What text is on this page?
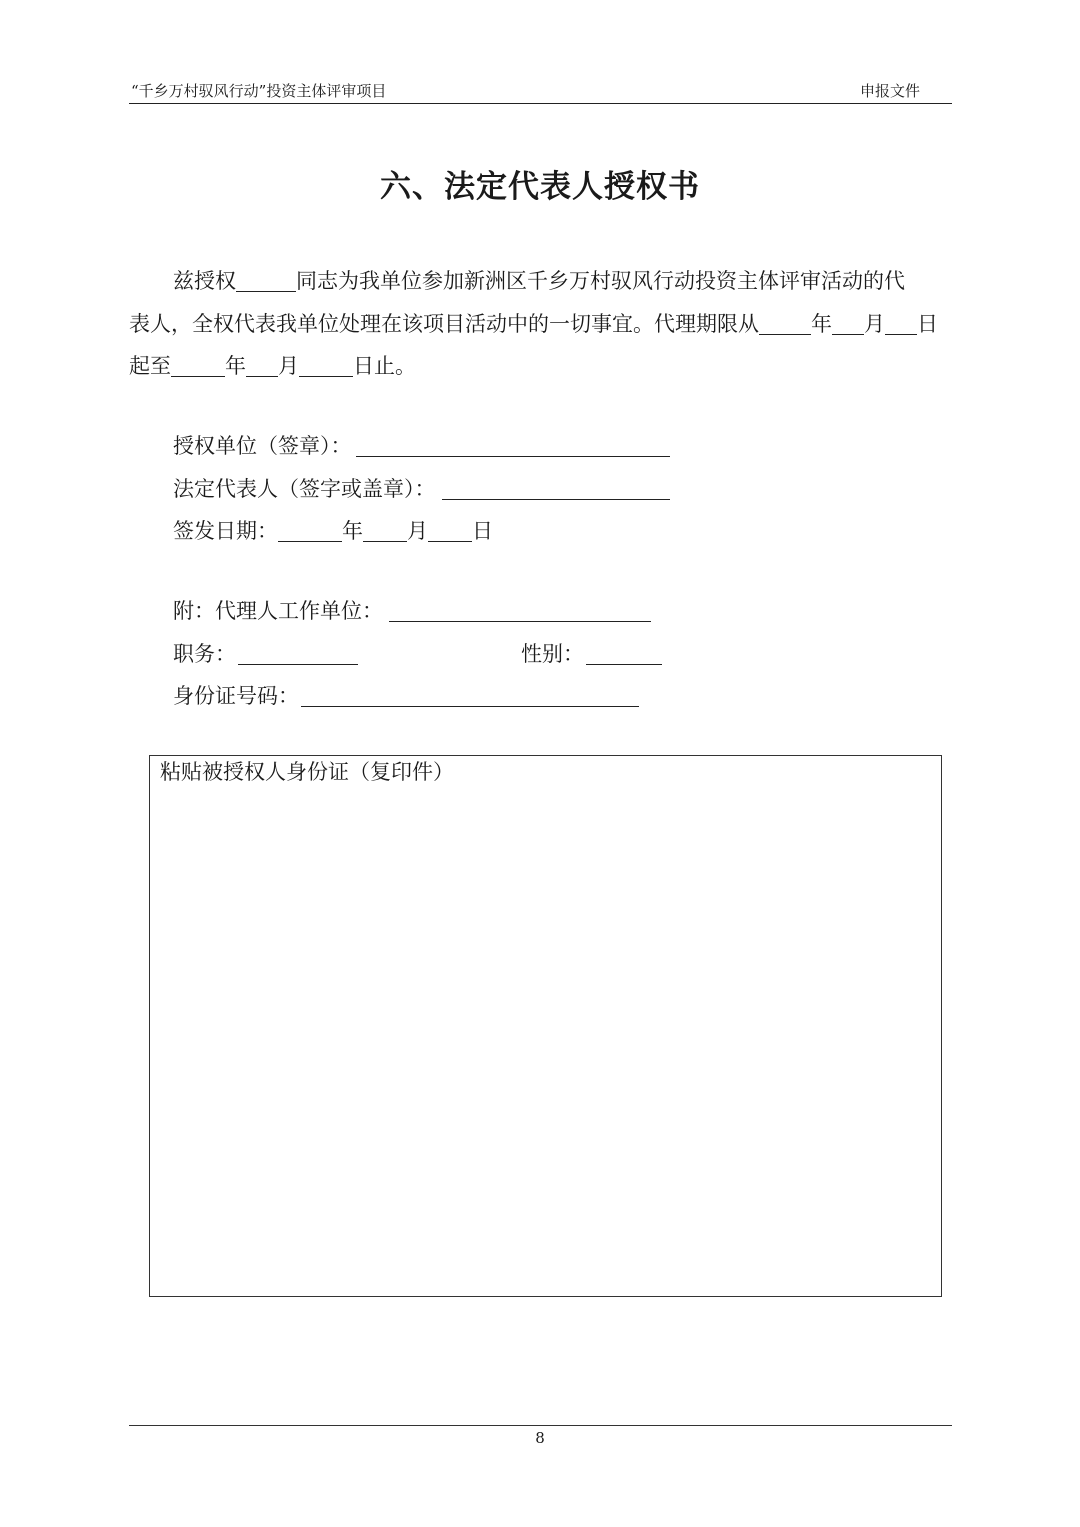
“千乡万村驭风行动”投资主体评审项目	申报文件
六、法定代表人授权书
兹授权	同志为我单位参加新洲区千乡万村驭风行动投资主体评审活动的代
表人，全权代表我单位处理在该项目活动中的一切事宜。代理期限从 年 月 日
起至	年 月	日止。
授权单位（签章）：
法定代表人（签字或盖章）：
签发日期：	年 月 日
附：代理人工作单位：
职务：	性别：
身份证号码：
粘贴被授权人身份证（复印件）
8
